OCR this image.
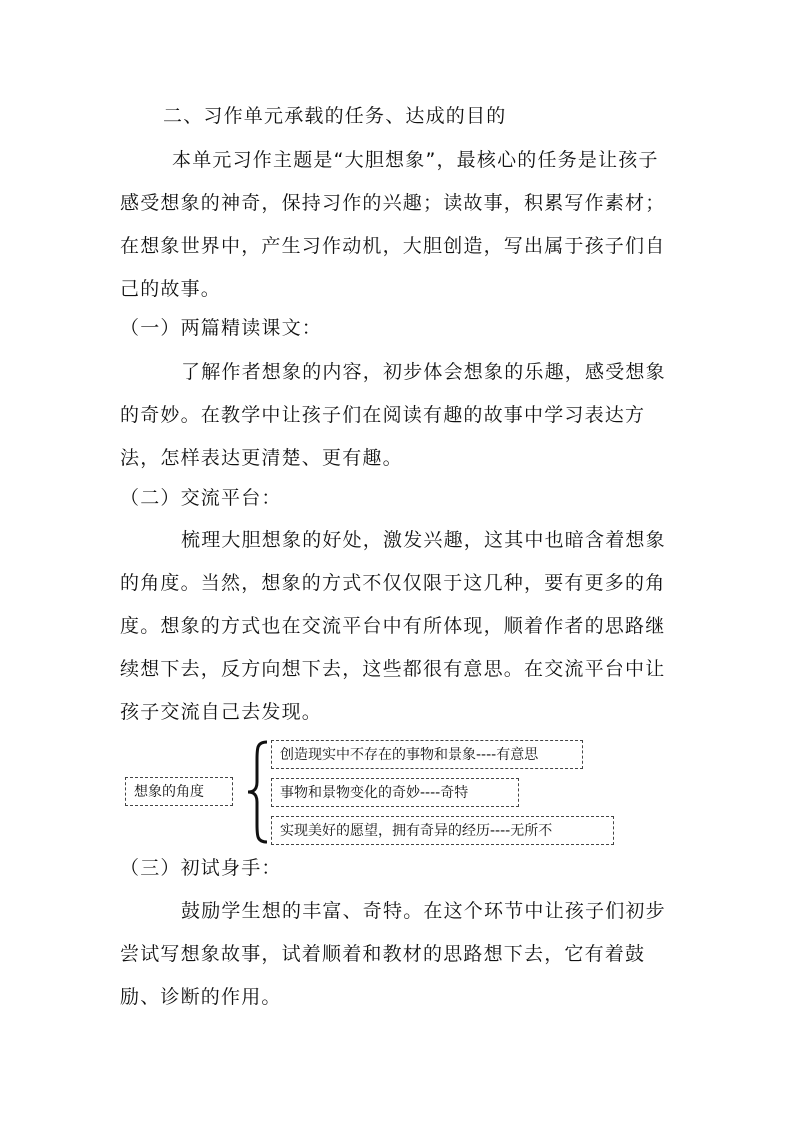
二、习作单元承载的任务、达成的目的
本单元习作主题是“大胆想象”，最核心的任务是让孩子
感受想象的神奇，保持习作的兴趣；读故事，积累写作素材；
在想象世界中，产生习作动机，大胆创造，写出属于孩子们自
己的故事。
（一）两篇精读课文：
了解作者想象的内容，初步体会想象的乐趣，感受想象
的奇妙。在教学中让孩子们在阅读有趣的故事中学习表达方
法，怎样表达更清楚、更有趣。
（二）交流平台：
梳理大胆想象的好处，激发兴趣，这其中也暗含着想象
的角度。当然，想象的方式不仅仅限于这几种，要有更多的角
度。想象的方式也在交流平台中有所体现，顺着作者的思路继
续想下去，反方向想下去，这些都很有意思。在交流平台中让
孩子交流自己去发现。
想象的角度
创造现实中不存在的事物和景象----有意思
事物和景物变化的奇妙----奇特
实现美好的愿望，拥有奇异的经历----无所不
（三）初试身手：
鼓励学生想的丰富、奇特。在这个环节中让孩子们初步
尝试写想象故事，试着顺着和教材的思路想下去，它有着鼓
励、诊断的作用。
